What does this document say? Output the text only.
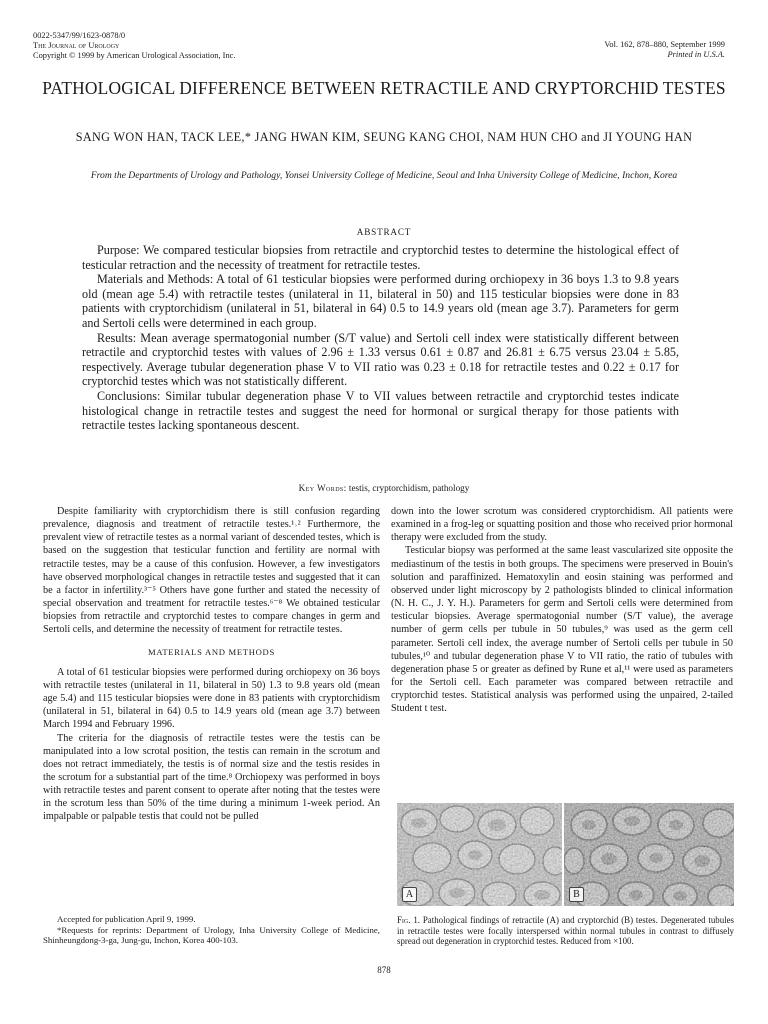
0022-5347/99/1623-0878/0
The Journal of Urology
Copyright © 1999 by American Urological Association, Inc.
Vol. 162, 878–880, September 1999
Printed in U.S.A.
PATHOLOGICAL DIFFERENCE BETWEEN RETRACTILE AND CRYPTORCHID TESTES
SANG WON HAN, TACK LEE,* JANG HWAN KIM, SEUNG KANG CHOI, NAM HUN CHO and JI YOUNG HAN
From the Departments of Urology and Pathology, Yonsei University College of Medicine, Seoul and Inha University College of Medicine, Inchon, Korea
ABSTRACT

Purpose: We compared testicular biopsies from retractile and cryptorchid testes to determine the histological effect of testicular retraction and the necessity of treatment for retractile testes.

Materials and Methods: A total of 61 testicular biopsies were performed during orchiopexy in 36 boys 1.3 to 9.8 years old (mean age 5.4) with retractile testes (unilateral in 11, bilateral in 50) and 115 testicular biopsies were done in 83 patients with cryptorchidism (unilateral in 51, bilateral in 64) 0.5 to 14.9 years old (mean age 3.7). Parameters for germ and Sertoli cells were determined in each group.

Results: Mean average spermatogonial number (S/T value) and Sertoli cell index were statistically different between retractile and cryptorchid testes with values of 2.96 ± 1.33 versus 0.61 ± 0.87 and 26.81 ± 6.75 versus 23.04 ± 5.85, respectively. Average tubular degeneration phase V to VII ratio was 0.23 ± 0.18 for retractile testes and 0.22 ± 0.17 for cryptorchid testes which was not statistically different.

Conclusions: Similar tubular degeneration phase V to VII values between retractile and cryptorchid testes indicate histological change in retractile testes and suggest the need for hormonal or surgical therapy for those patients with retractile testes lacking spontaneous descent.

Key Words: testis, cryptorchidism, pathology

Despite familiarity with cryptorchidism there is still confusion regarding prevalence, diagnosis and treatment of retractile testes.¹˒² Furthermore, the prevalent view of retractile testes as a normal variant of descended testes, which is based on the suggestion that testicular function and fertility are normal with retractile testes, may be a cause of this confusion. However, a few investigators have observed morphological changes in retractile testes and suggested that it can be a factor in infertility.³⁻⁵ Others have gone further and stated the necessity of special observation and treatment for retractile testes.⁶⁻⁸ We obtained testicular biopsies from retractile and cryptorchid testes to compare changes in germ and Sertoli cells, and determine the necessity of treatment for retractile testes.

MATERIALS AND METHODS

A total of 61 testicular biopsies were performed during orchiopexy on 36 boys with retractile testes (unilateral in 11, bilateral in 50) 1.3 to 9.8 years old (mean age 5.4) and 115 testicular biopsies were done in 83 patients with cryptorchidism (unilateral in 51, bilateral in 64) 0.5 to 14.9 years old (mean age 3.7) between March 1994 and February 1996.

The criteria for the diagnosis of retractile testes were the testis can be manipulated into a low scrotal position, the testis can remain in the scrotum and does not retract immediately, the testis is of normal size and the testis resides in the scrotum for a substantial part of the time.⁸ Orchiopexy was performed in boys with retractile testes and parent consent to operate after noting that the testes were in the scrotum less than 50% of the time during a minimum 1-week period. An impalpable or palpable testis that could not be pulled

down into the lower scrotum was considered cryptorchidism. All patients were examined in a frog-leg or squatting position and those who received prior hormonal therapy were excluded from the study.

Testicular biopsy was performed at the same least vascularized site opposite the mediastinum of the testis in both groups. The specimens were preserved in Bouin's solution and paraffinized. Hematoxylin and eosin staining was performed and observed under light microscopy by 2 pathologists blinded to clinical information (N. H. C., J. Y. H.). Parameters for germ and Sertoli cells were determined from testicular biopsies. Average spermatogonial number (S/T value), the average number of germ cells per tubule in 50 tubules,⁹ was used as the germ cell parameter. Sertoli cell index, the average number of Sertoli cells per tubule in 50 tubules,¹⁰ and tubular degeneration phase V to VII ratio, the ratio of tubules with degeneration phase 5 or greater as defined by Rune et al,¹¹ were used as parameters for the Sertoli cell. Each parameter was compared between retractile and cryptorchid testes. Statistical analysis was performed using the unpaired, 2-tailed Student t test.

A	B
Fig. 1. Pathological findings of retractile (A) and cryptorchid (B) testes. Degenerated tubules in retractile testes were focally interspersed within normal tubules in contrast to diffusely spread out degeneration in cryptorchid testes. Reduced from ×100.

Accepted for publication April 9, 1999.

*Requests for reprints: Department of Urology, Inha University College of Medicine, Shinheungdong-3-ga, Jung-gu, Inchon, Korea 400-103.

878
